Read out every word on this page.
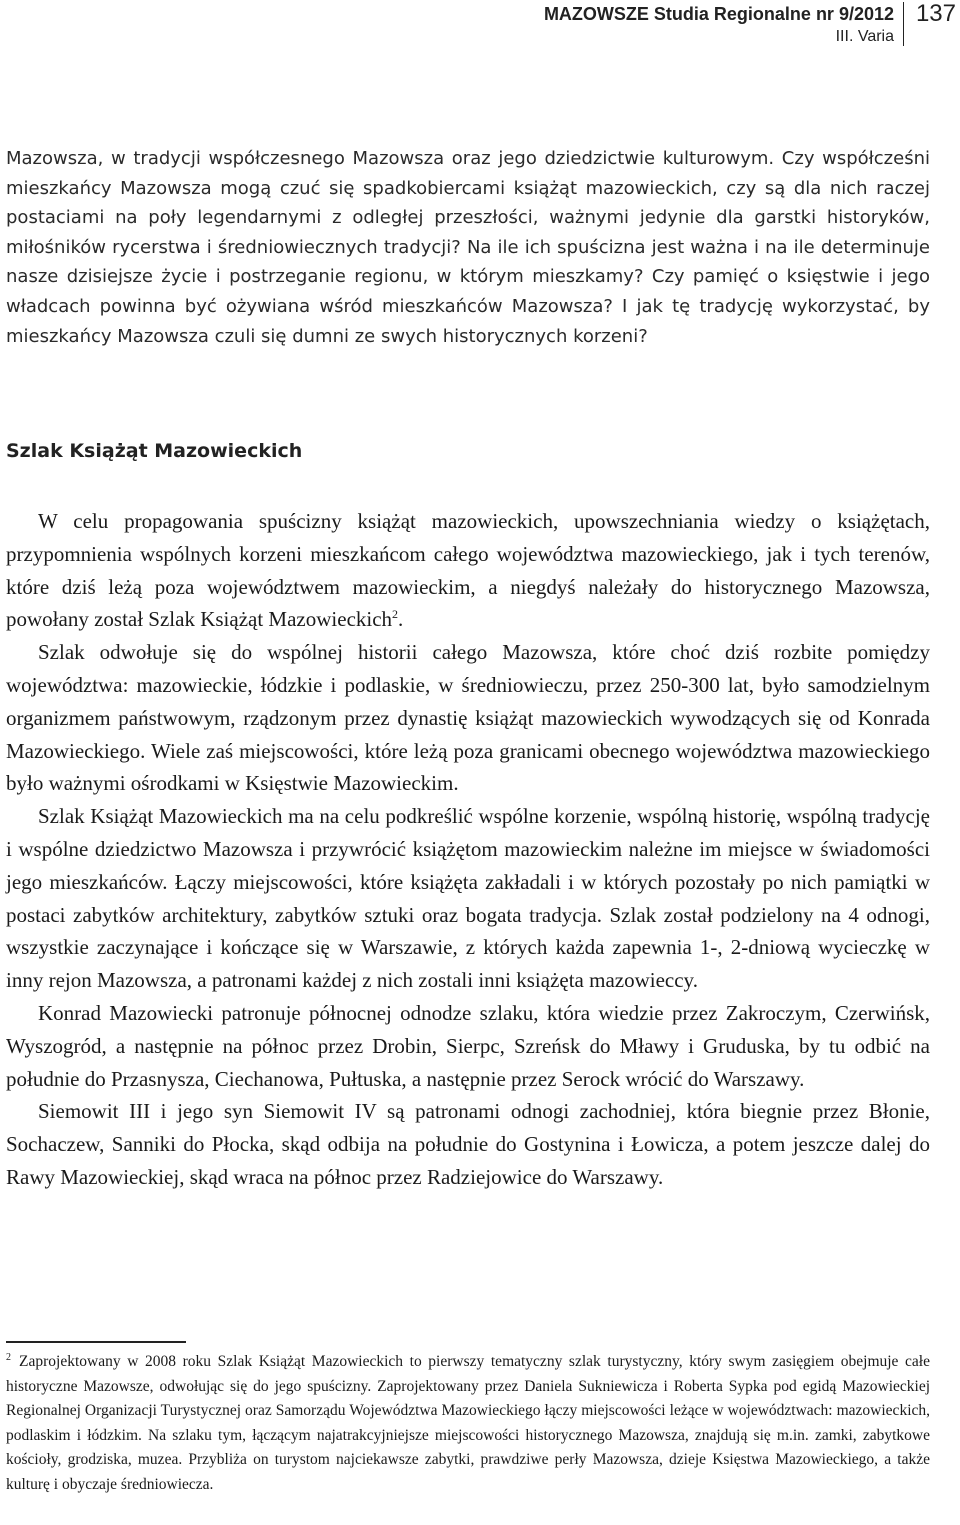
MAZOWSZE Studia Regionalne nr 9/2012
III. Varia
137

Mazowsza, w tradycji współczesnego Mazowsza oraz jego dziedzictwie kulturowym. Czy współcześni mieszkańcy Mazowsza mogą czuć się spadkobiercami książąt mazowieckich, czy są dla nich raczej postaciami na poły legendarnymi z odległej przeszłości, ważnymi jedynie dla garstki historyków, miłośników rycerstwa i średniowiecznych tradycji? Na ile ich spuścizna jest ważna i na ile determinuje nasze dzisiejsze życie i postrzeganie regionu, w którym mieszkamy? Czy pamięć o księstwie i jego władcach powinna być ożywiana wśród mieszkańców Mazowsza? I jak tę tradycję wykorzystać, by mieszkańcy Mazowsza czuli się dumni ze swych historycznych korzeni?

Szlak Książąt Mazowieckich

W celu propagowania spuścizny książąt mazowieckich, upowszechniania wiedzy o książętach, przypomnienia wspólnych korzeni mieszkańcom całego województwa mazowieckiego, jak i tych terenów, które dziś leżą poza województwem mazowieckim, a niegdyś należały do historycznego Mazowsza, powołany został Szlak Książąt Mazowieckich$^2$.

Szlak odwołuje się do wspólnej historii całego Mazowsza, które choć dziś rozbite pomiędzy województwa: mazowieckie, łódzkie i podlaskie, w średniowieczu, przez 250-300 lat, było samodzielnym organizmem państwowym, rządzonym przez dynastię książąt mazowieckich wywodzących się od Konrada Mazowieckiego. Wiele zaś miejscowości, które leżą poza granicami obecnego województwa mazowieckiego było ważnymi ośrodkami w Księstwie Mazowieckim.

Szlak Książąt Mazowieckich ma na celu podkreślić wspólne korzenie, wspólną historię, wspólną tradycję i wspólne dziedzictwo Mazowsza i przywrócić książętom mazowieckim należne im miejsce w świadomości jego mieszkańców. Łączy miejscowości, które książęta zakładali i w których pozostały po nich pamiątki w postaci zabytków architektury, zabytków sztuki oraz bogata tradycja. Szlak został podzielony na 4 odnogi, wszystkie zaczynające i kończące się w Warszawie, z których każda zapewnia 1-, 2-dniową wycieczkę w inny rejon Mazowsza, a patronami każdej z nich zostali inni książęta mazowieccy.

Konrad Mazowiecki patronuje północnej odnodze szlaku, która wiedzie przez Zakroczym, Czerwińsk, Wyszogród, a następnie na północ przez Drobin, Sierpc, Szreńsk do Mławy i Gruduska, by tu odbić na południe do Przasnysza, Ciechanowa, Pułtuska, a następnie przez Serock wrócić do Warszawy.

Siemowit III i jego syn Siemowit IV są patronami odnogi zachodniej, która biegnie przez Błonie, Sochaczew, Sanniki do Płocka, skąd odbija na południe do Gostynina i Łowicza, a potem jeszcze dalej do Rawy Mazowieckiej, skąd wraca na północ przez Radziejowice do Warszawy.

$^2$ Zaprojektowany w 2008 roku Szlak Książąt Mazowieckich to pierwszy tematyczny szlak turystyczny, który swym zasięgiem obejmuje całe historyczne Mazowsze, odwołując się do jego spuścizny. Zaprojektowany przez Daniela Sukniewicza i Roberta Sypka pod egidą Mazowieckiej Regionalnej Organizacji Turystycznej oraz Samorządu Województwa Mazowieckiego łączy miejscowości leżące w województwach: mazowieckich, podlaskim i łódzkim. Na szlaku tym, łączącym najatrakcyjniejsze miejscowości historycznego Mazowsza, znajdują się m.in. zamki, zabytkowe kościoły, grodziska, muzea. Przybliża on turystom najciekawsze zabytki, prawdziwe perły Mazowsza, dzieje Księstwa Mazowieckiego, a także kulturę i obyczaje średniowiecza.
